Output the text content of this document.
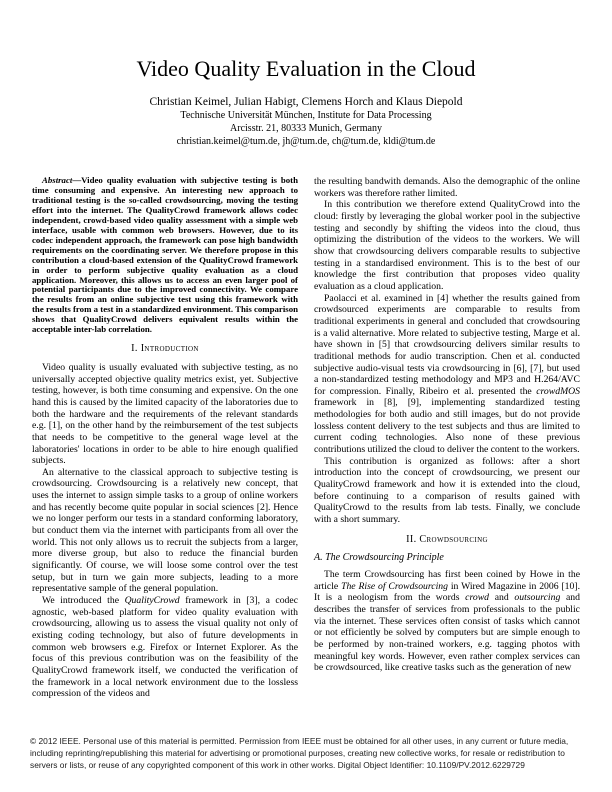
Video Quality Evaluation in the Cloud
Christian Keimel, Julian Habigt, Clemens Horch and Klaus Diepold
Technische Universität München, Institute for Data Processing
Arcisstr. 21, 80333 Munich, Germany
christian.keimel@tum.de, jh@tum.de, ch@tum.de, kldi@tum.de

Abstract—Video quality evaluation with subjective testing is both time consuming and expensive. An interesting new approach to traditional testing is the so-called crowdsourcing, moving the testing effort into the internet. The QualityCrowd framework allows codec independent, crowd-based video quality assessment with a simple web interface, usable with common web browsers. However, due to its codec independent approach, the framework can pose high bandwidth requirements on the coordinating server. We therefore propose in this contribution a cloud-based extension of the QualityCrowd framework in order to perform subjective quality evaluation as a cloud application. Moreover, this allows us to access an even larger pool of potential participants due to the improved connectivity. We compare the results from an online subjective test using this framework with the results from a test in a standardized environment. This comparison shows that QualityCrowd delivers equivalent results within the acceptable inter-lab correlation.

I. Introduction

Video quality is usually evaluated with subjective testing, as no universally accepted objective quality metrics exist, yet. Subjective testing, however, is both time consuming and expensive. On the one hand this is caused by the limited capacity of the laboratories due to both the hardware and the requirements of the relevant standards e.g. [1], on the other hand by the reimbursement of the test subjects that needs to be competitive to the general wage level at the laboratories' locations in order to be able to hire enough qualified subjects.

An alternative to the classical approach to subjective testing is crowdsourcing. Crowdsourcing is a relatively new concept, that uses the internet to assign simple tasks to a group of online workers and has recently become quite popular in social sciences [2]. Hence we no longer perform our tests in a standard conforming laboratory, but conduct them via the internet with participants from all over the world. This not only allows us to recruit the subjects from a larger, more diverse group, but also to reduce the financial burden significantly. Of course, we will loose some control over the test setup, but in turn we gain more subjects, leading to a more representative sample of the general population.

We introduced the QualityCrowd framework in [3], a codec agnostic, web-based platform for video quality evaluation with crowdsourcing, allowing us to assess the visual quality not only of existing coding technology, but also of future developments in common web browsers e.g. Firefox or Internet Explorer. As the focus of this previous contribution was on the feasibility of the QualityCrowd framework itself, we conducted the verification of the framework in a local network environment due to the lossless compression of the videos and

the resulting bandwith demands. Also the demographic of the online workers was therefore rather limited.

In this contribution we therefore extend QualityCrowd into the cloud: firstly by leveraging the global worker pool in the subjective testing and secondly by shifting the videos into the cloud, thus optimizing the distribution of the videos to the workers. We will show that crowdsourcing delivers comparable results to subjective testing in a standardised environment. This is to the best of our knowledge the first contribution that proposes video quality evaluation as a cloud application.

Paolacci et al. examined in [4] whether the results gained from crowdsourced experiments are comparable to results from traditional experiments in general and concluded that crowdsouring is a valid alternative. More related to subjective testing, Marge et al. have shown in [5] that crowdsourcing delivers similar results to traditional methods for audio transcription. Chen et al. conducted subjective audio-visual tests via crowdsourcing in [6], [7], but used a non-standardized testing methodology and MP3 and H.264/AVC for compression. Finally, Ribeiro et al. presented the crowdMOS framework in [8], [9], implementing standardized testing methodologies for both audio and still images, but do not provide lossless content delivery to the test subjects and thus are limited to current coding technologies. Also none of these previous contributions utilized the cloud to deliver the content to the workers.

This contribution is organized as follows: after a short introduction into the concept of crowdsourcing, we present our QualityCrowd framework and how it is extended into the cloud, before continuing to a comparison of results gained with QualityCrowd to the results from lab tests. Finally, we conclude with a short summary.

II. Crowdsourcing

A. The Crowdsourcing Principle

The term Crowdsourcing has first been coined by Howe in the article The Rise of Crowdsourcing in Wired Magazine in 2006 [10]. It is a neologism from the words crowd and outsourcing and describes the transfer of services from professionals to the public via the internet. These services often consist of tasks which cannot or not efficiently be solved by computers but are simple enough to be performed by non-trained workers, e.g. tagging photos with meaningful key words. However, even rather complex services can be crowdsourced, like creative tasks such as the generation of new

© 2012 IEEE. Personal use of this material is permitted. Permission from IEEE must be obtained for all other uses, in any current or future media, including reprinting/republishing this material for advertising or promotional purposes, creating new collective works, for resale or redistribution to servers or lists, or reuse of any copyrighted component of this work in other works. Digital Object Identifier: 10.1109/PV.2012.6229729
